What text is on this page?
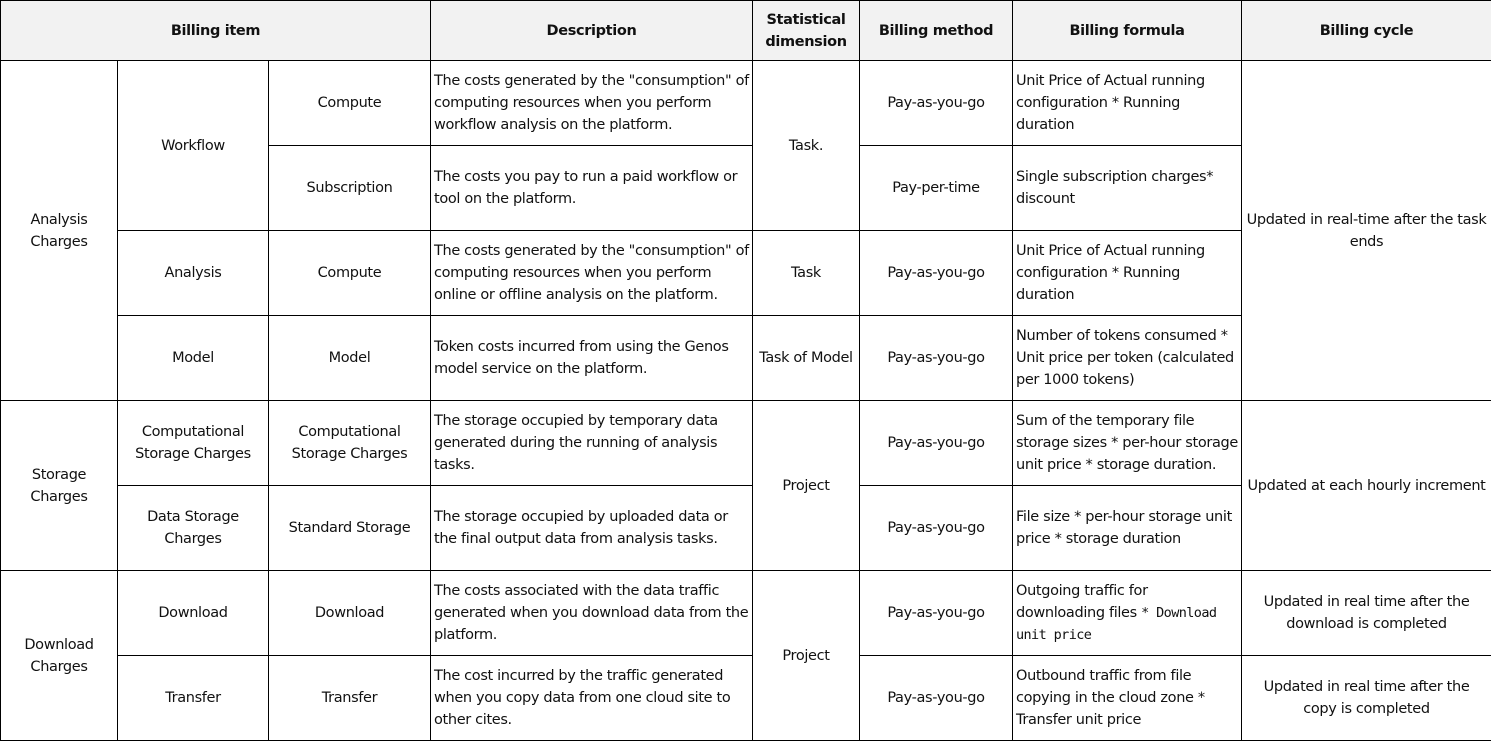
Billing item			Description	Statistical dimension	Billing method	Billing formula	Billing cycle
Analysis Charges	Workflow	Compute	The costs generated by the "consumption" of computing resources when you perform workflow analysis on the platform.	Task.	Pay-as-you-go	Unit Price of Actual running configuration * Running duration	Updated in real-time after the task ends
		Subscription	The costs you pay to run a paid workflow or tool on the platform.		Pay-per-time	Single subscription charges* discount	
	Analysis	Compute	The costs generated by the "consumption" of computing resources when you perform online or offline analysis on the platform.	Task	Pay-as-you-go	Unit Price of Actual running configuration * Running duration	
	Model	Model	Token costs incurred from using the Genos model service on the platform.	Task of Model	Pay-as-you-go	Number of tokens consumed * Unit price per token (calculated per 1000 tokens)	
Storage Charges	Computational Storage Charges	Computational Storage Charges	The storage occupied by temporary data generated during the running of analysis tasks.	Project	Pay-as-you-go	Sum of the temporary file storage sizes * per-hour storage unit price * storage duration.	Updated at each hourly increment
	Data Storage Charges	Standard Storage	The storage occupied by uploaded data or the final output data from analysis tasks.		Pay-as-you-go	File size * per-hour storage unit price * storage duration	
Download Charges	Download	Download	The costs associated with the data traffic generated when you download data from the platform.	Project	Pay-as-you-go	Outgoing traffic for downloading files * Download unit price	Updated in real time after the download is completed
	Transfer	Transfer	The cost incurred by the traffic generated when you copy data from one cloud site to other cites.		Pay-as-you-go	Outbound traffic from file copying in the cloud zone * Transfer unit price	Updated in real time after the copy is completed
